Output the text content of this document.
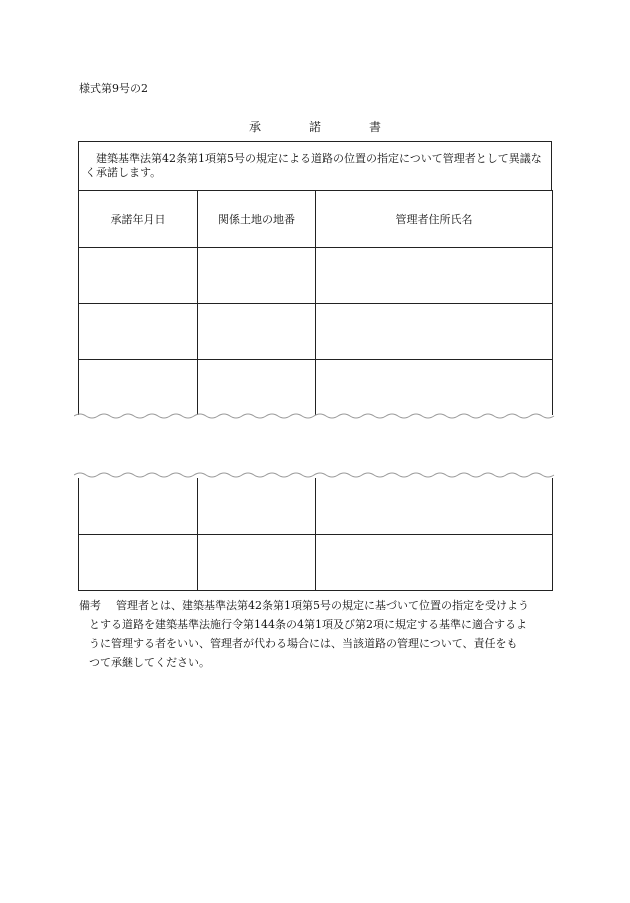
様式第9号の2
承	諾	書
建築基準法第42条第1項第5号の規定による道路の位置の指定について管理者として異議なく承諾します。
承諾年月日	関係土地の地番	管理者住所氏名

備考 管理者とは、建築基準法第42条第1項第5号の規定に基づいて位置の指定を受けよう
とする道路を建築基準法施行令第144条の4第1項及び第2項に規定する基準に適合するよ
うに管理する者をいい、管理者が代わる場合には、当該道路の管理について、責任をも
つて承継してください。
